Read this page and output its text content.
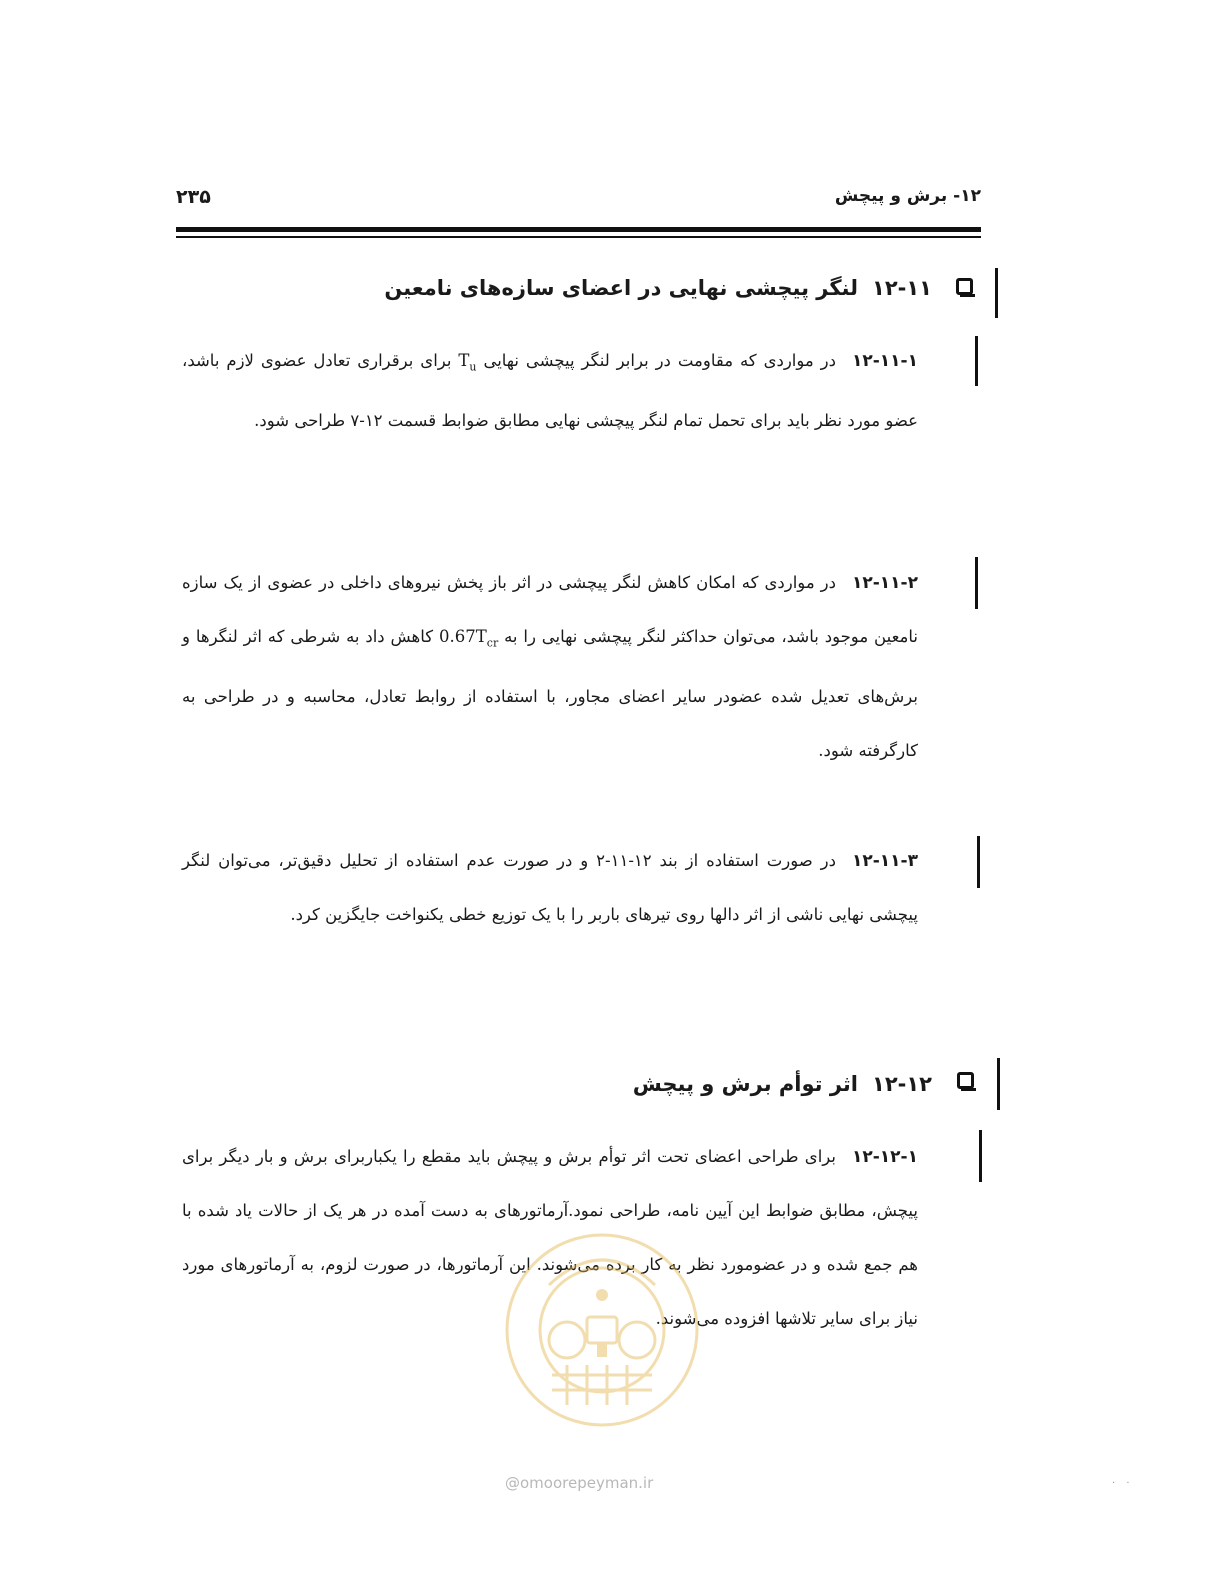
۱۲- برش و پیچش
۲۳۵
۱۲-۱۱لنگر پیچشی نهایی در اعضای سازه‌های نامعین
۱۲-۱۱-۱در مواردی که مقاومت در برابر لنگر پیچشی نهایی $T_u$ برای برقراری تعادل عضوی لازم باشد، عضو مورد نظر باید برای تحمل تمام لنگر پیچشی نهایی مطابق ضوابط قسمت ۱۲-۷ طراحی شود.
۱۲-۱۱-۲در مواردی که امکان کاهش لنگر پیچشی در اثر باز پخش نیروهای داخلی در عضوی از یک سازه نامعین موجود باشد، می‌توان حداکثر لنگر پیچشی نهایی را به $0.67T_{cr}$ کاهش داد به شرطی که اثر لنگرها و برش‌های تعدیل شده عضودر سایر اعضای مجاور، با استفاده از روابط تعادل، محاسبه و در طراحی به کارگرفته شود.
۱۲-۱۱-۳در صورت استفاده از بند ۱۲-۱۱-۲ و در صورت عدم استفاده از تحلیل دقیق‌تر، می‌توان لنگر پیچشی نهایی ناشی از اثر دالها روی تیرهای باربر را با یک توزیع خطی یکنواخت جایگزین کرد.
۱۲-۱۲اثر توأم برش و پیچش
۱۲-۱۲-۱برای طراحی اعضای تحت اثر توأم برش و پیچش باید مقطع را یکباربرای برش و بار دیگر برای پیچش، مطابق ضوابط این آیین نامه، طراحی نمود.آرماتورهای به دست آمده در هر یک از حالات یاد شده با هم جمع شده و در عضومورد نظر به کار برده می‌شوند. این آرماتورها، در صورت لزوم، به آرماتورهای مورد نیاز برای سایر تلاشها افزوده می‌شوند.
@omoorepeyman.ir	· ·
